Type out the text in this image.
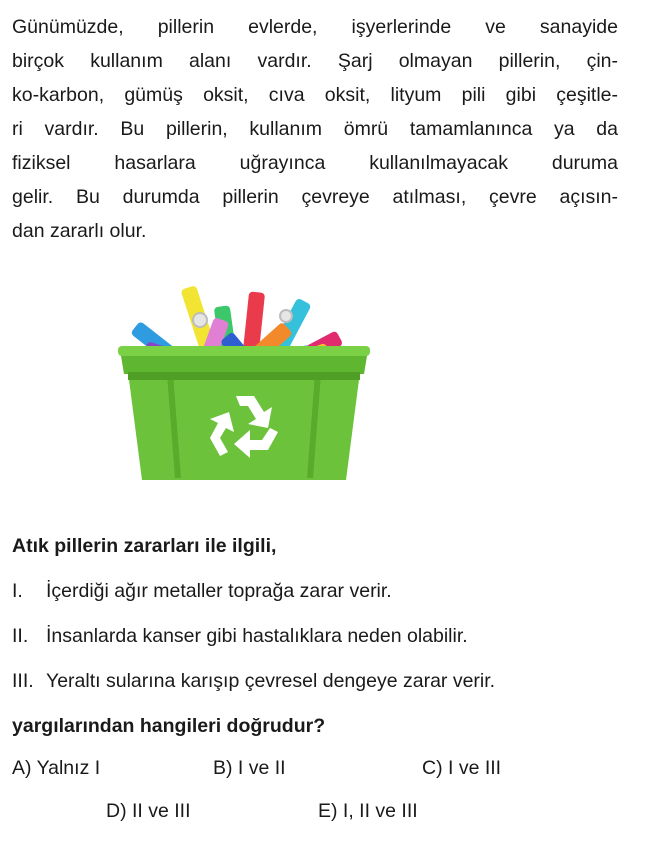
Günümüzde, pillerin evlerde, işyerlerinde ve sanayide
birçok kullanım alanı vardır. Şarj olmayan pillerin, çin-
ko-karbon, gümüş oksit, cıva oksit, lityum pili gibi çeşitle-
ri vardır. Bu pillerin, kullanım ömrü tamamlanınca ya da
fiziksel hasarlara uğrayınca kullanılmayacak duruma
gelir. Bu durumda pillerin çevreye atılması, çevre açısın-
dan zararlı olur.
Atık pillerin zararları ile ilgili,
I. İçerdiği ağır metaller toprağa zarar verir.
II. İnsanlarda kanser gibi hastalıklara neden olabilir.
III. Yeraltı sularına karışıp çevresel dengeye zarar verir.
yargılarından hangileri doğrudur?
A) Yalnız I	B) I ve II	C) I ve III
D) II ve III	E) I, II ve III
